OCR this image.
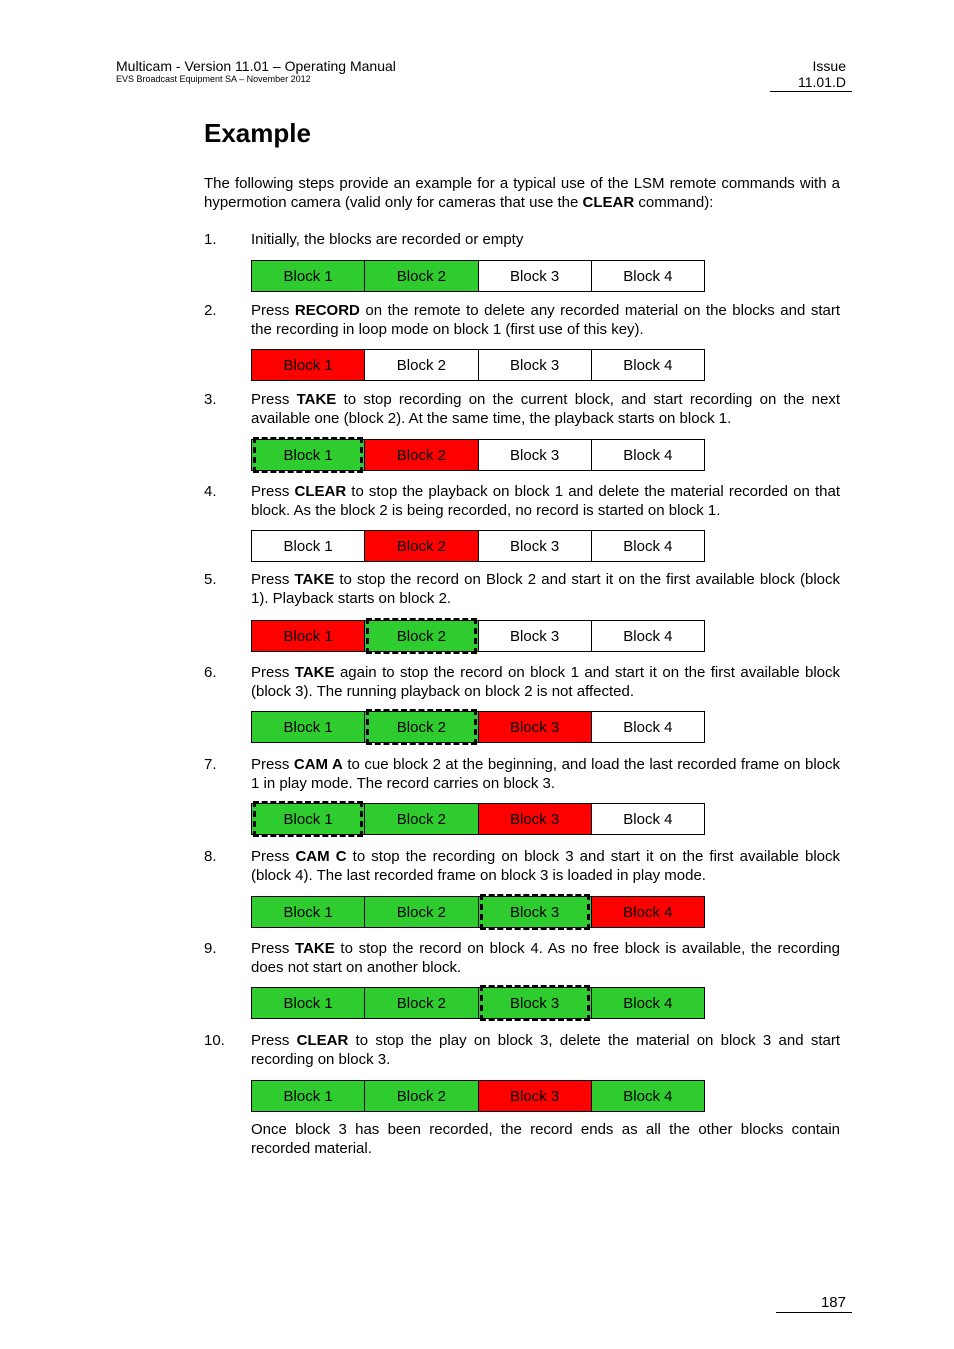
Multicam - Version 11.01 – Operating Manual
EVS Broadcast Equipment SA – November 2012
Issue
11.01.D
Example

The following steps provide an example for a typical use of the LSM remote commands with a hypermotion camera (valid only for cameras that use the CLEAR command):

1.	Initially, the blocks are recorded or empty
Block 1	Block 2	Block 3	Block 4
2.	Press RECORD on the remote to delete any recorded material on the blocks and start the recording in loop mode on block 1 (first use of this key).
Block 1	Block 2	Block 3	Block 4
3.	Press TAKE to stop recording on the current block, and start recording on the next available one (block 2). At the same time, the playback starts on block 1.
Block 1	Block 2	Block 3	Block 4
4.	Press CLEAR to stop the playback on block 1 and delete the material recorded on that block. As the block 2 is being recorded, no record is started on block 1.
Block 1	Block 2	Block 3	Block 4
5.	Press TAKE to stop the record on Block 2 and start it on the first available block (block 1). Playback starts on block 2.
Block 1	Block 2	Block 3	Block 4
6.	Press TAKE again to stop the record on block 1 and start it on the first available block (block 3). The running playback on block 2 is not affected.
Block 1	Block 2	Block 3	Block 4
7.	Press CAM A to cue block 2 at the beginning, and load the last recorded frame on block 1 in play mode. The record carries on block 3.
Block 1	Block 2	Block 3	Block 4
8.	Press CAM C to stop the recording on block 3 and start it on the first available block (block 4). The last recorded frame on block 3 is loaded in play mode.
Block 1	Block 2	Block 3	Block 4
9.	Press TAKE to stop the record on block 4. As no free block is available, the recording does not start on another block.
Block 1	Block 2	Block 3	Block 4
10.	Press CLEAR to stop the play on block 3, delete the material on block 3 and start recording on block 3.
Block 1	Block 2	Block 3	Block 4
Once block 3 has been recorded, the record ends as all the other blocks contain recorded material.
187
